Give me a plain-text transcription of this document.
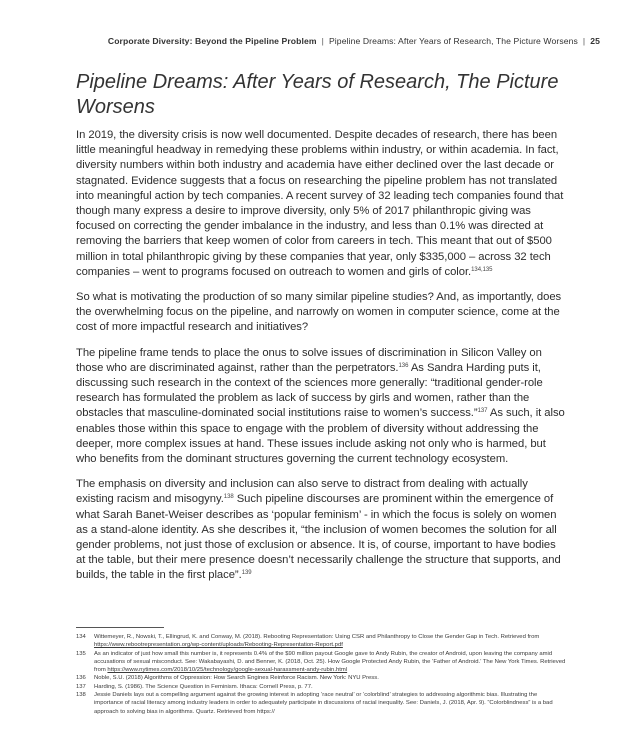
Corporate Diversity: Beyond the Pipeline Problem | Pipeline Dreams: After Years of Research, The Picture Worsens | 25
Pipeline Dreams: After Years of Research, The Picture Worsens

In 2019, the diversity crisis is now well documented. Despite decades of research, there has been little meaningful headway in remedying these problems within industry, or within academia. In fact, diversity numbers within both industry and academia have either declined over the last decade or stagnated. Evidence suggests that a focus on researching the pipeline problem has not translated into meaningful action by tech companies. A recent survey of 32 leading tech companies found that though many express a desire to improve diversity, only 5% of 2017 philanthropic giving was focused on correcting the gender imbalance in the industry, and less than 0.1% was directed at removing the barriers that keep women of color from careers in tech. This meant that out of $500 million in total philanthropic giving by these companies that year, only $335,000 – across 32 tech companies – went to programs focused on outreach to women and girls of color.$^{134,135}$

So what is motivating the production of so many similar pipeline studies? And, as importantly, does the overwhelming focus on the pipeline, and narrowly on women in computer science, come at the cost of more impactful research and initiatives?

The pipeline frame tends to place the onus to solve issues of discrimination in Silicon Valley on those who are discriminated against, rather than the perpetrators.$^{136}$ As Sandra Harding puts it, discussing such research in the context of the sciences more generally: “traditional gender-role research has formulated the problem as lack of success by girls and women, rather than the obstacles that masculine-dominated social institutions raise to women’s success.”$^{137}$ As such, it also enables those within this space to engage with the problem of diversity without addressing the deeper, more complex issues at hand. These issues include asking not only who is harmed, but who benefits from the dominant structures governing the current technology ecosystem.

The emphasis on diversity and inclusion can also serve to distract from dealing with actually existing racism and misogyny.$^{138}$ Such pipeline discourses are prominent within the emergence of what Sarah Banet-Weiser describes as ‘popular feminism’ - in which the focus is solely on women as a stand-alone identity. As she describes it, “the inclusion of women becomes the solution for all gender problems, not just those of exclusion or absence. It is, of course, important to have bodies at the table, but their mere presence doesn’t necessarily challenge the structure that supports, and builds, the table in the first place”.$^{139}$

134	Wittemeyer, R., Nowski, T., Ellingrud, K. and Conway, M. (2018). Rebooting Representation: Using CSR and Philanthropy to Close the Gender Gap in Tech. Retrieved from https://www.rebootrepresentation.org/wp-content/uploads/Rebooting-Representation-Report.pdf
135	As an indicator of just how small this number is, it represents 0.4% of the $90 million payout Google gave to Andy Rubin, the creator of Android, upon leaving the company amid accusations of sexual misconduct. See: Wakabayashi, D. and Benner, K. (2018, Oct. 25). How Google Protected Andy Rubin, the ‘Father of Android.’ The New York Times. Retrieved from https://www.nytimes.com/2018/10/25/technology/google-sexual-harassment-andy-rubin.html
136	Noble, S.U. (2018) Algorithms of Oppression: How Search Engines Reinforce Racism. New York: NYU Press.
137	Harding, S. (1986). The Science Question in Feminism. Ithaca: Cornell Press, p. 77.
138	Jessie Daniels lays out a compelling argument against the growing interest in adopting ‘race neutral’ or ‘colorblind’ strategies to addressing algorithmic bias. Illustrating the importance of racial literacy among industry leaders in order to adequately participate in discussions of racial inequality. See: Daniels, J. (2018, Apr. 9). “Colorblindness” is a bad approach to solving bias in algorithms. Quartz. Retrieved from https://
